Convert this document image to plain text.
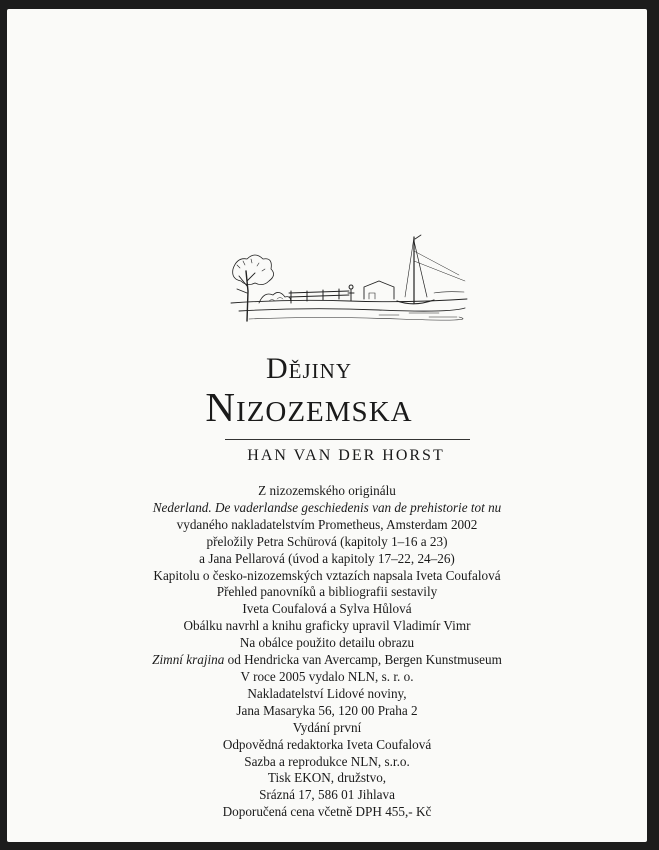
Dějiny
Nizozemska
HAN VAN DER HORST
Z nizozemského originálu
Nederland. De vaderlandse geschiedenis van de prehistorie tot nu
vydaného nakladatelstvím Prometheus, Amsterdam 2002
přeložily Petra Schürová (kapitoly 1–16 a 23)
a Jana Pellarová (úvod a kapitoly 17–22, 24–26)
Kapitolu o česko-nizozemských vztazích napsala Iveta Coufalová
Přehled panovníků a bibliografii sestavily
Iveta Coufalová a Sylva Hůlová
Obálku navrhl a knihu graficky upravil Vladimír Vimr
Na obálce použito detailu obrazu
Zimní krajina od Hendricka van Avercamp, Bergen Kunstmuseum
V roce 2005 vydalo NLN, s. r. o.
Nakladatelství Lidové noviny,
Jana Masaryka 56, 120 00 Praha 2
Vydání první
Odpovědná redaktorka Iveta Coufalová
Sazba a reprodukce NLN, s.r.o.
Tisk EKON, družstvo,
Srázná 17, 586 01 Jihlava
Doporučená cena včetně DPH 455,- Kč
